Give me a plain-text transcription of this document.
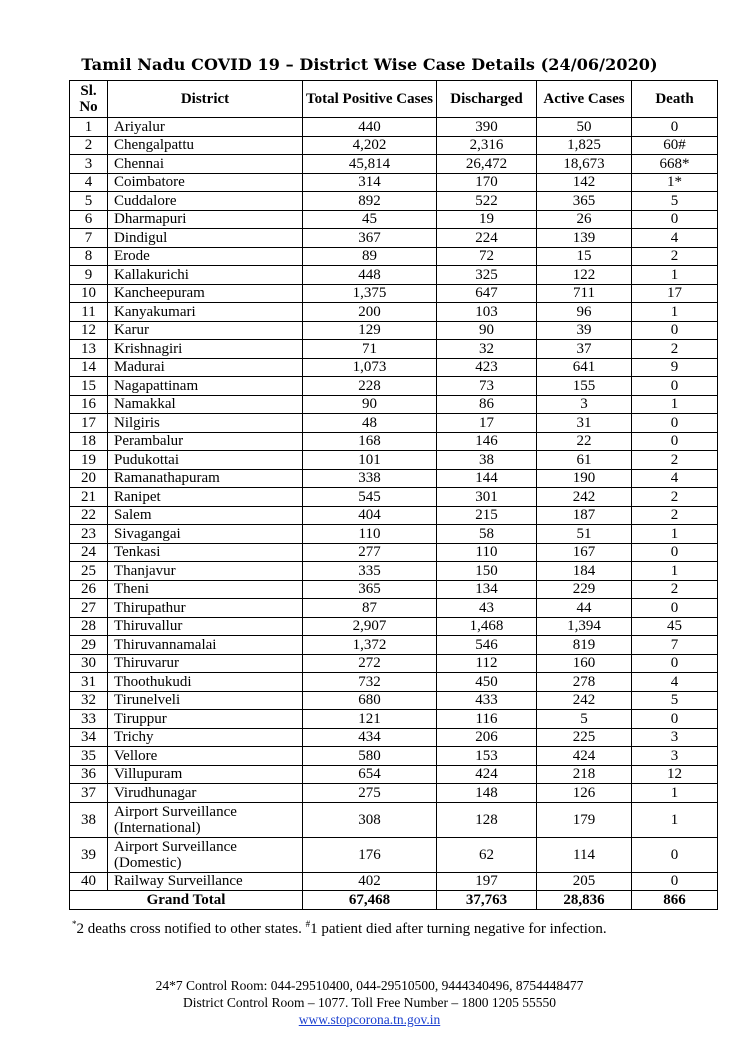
Tamil Nadu COVID 19 – District Wise Case Details (24/06/2020)
Sl. No	District	Total Positive Cases	Discharged	Active Cases	Death
1	Ariyalur	440	390	50	0
2	Chengalpattu	4,202	2,316	1,825	60#
3	Chennai	45,814	26,472	18,673	668*
4	Coimbatore	314	170	142	1*
5	Cuddalore	892	522	365	5
6	Dharmapuri	45	19	26	0
7	Dindigul	367	224	139	4
8	Erode	89	72	15	2
9	Kallakurichi	448	325	122	1
10	Kancheepuram	1,375	647	711	17
11	Kanyakumari	200	103	96	1
12	Karur	129	90	39	0
13	Krishnagiri	71	32	37	2
14	Madurai	1,073	423	641	9
15	Nagapattinam	228	73	155	0
16	Namakkal	90	86	3	1
17	Nilgiris	48	17	31	0
18	Perambalur	168	146	22	0
19	Pudukottai	101	38	61	2
20	Ramanathapuram	338	144	190	4
21	Ranipet	545	301	242	2
22	Salem	404	215	187	2
23	Sivagangai	110	58	51	1
24	Tenkasi	277	110	167	0
25	Thanjavur	335	150	184	1
26	Theni	365	134	229	2
27	Thirupathur	87	43	44	0
28	Thiruvallur	2,907	1,468	1,394	45
29	Thiruvannamalai	1,372	546	819	7
30	Thiruvarur	272	112	160	0
31	Thoothukudi	732	450	278	4
32	Tirunelveli	680	433	242	5
33	Tiruppur	121	116	5	0
34	Trichy	434	206	225	3
35	Vellore	580	153	424	3
36	Villupuram	654	424	218	12
37	Virudhunagar	275	148	126	1
38	Airport Surveillance (International)	308	128	179	1
39	Airport Surveillance (Domestic)	176	62	114	0
40	Railway Surveillance	402	197	205	0
Grand Total		67,468	37,763	28,836	866
*2 deaths cross notified to other states. #1 patient died after turning negative for infection.
24*7 Control Room: 044-29510400, 044-29510500, 9444340496, 8754448477
District Control Room – 1077. Toll Free Number – 1800 1205 55550
www.stopcorona.tn.gov.in
